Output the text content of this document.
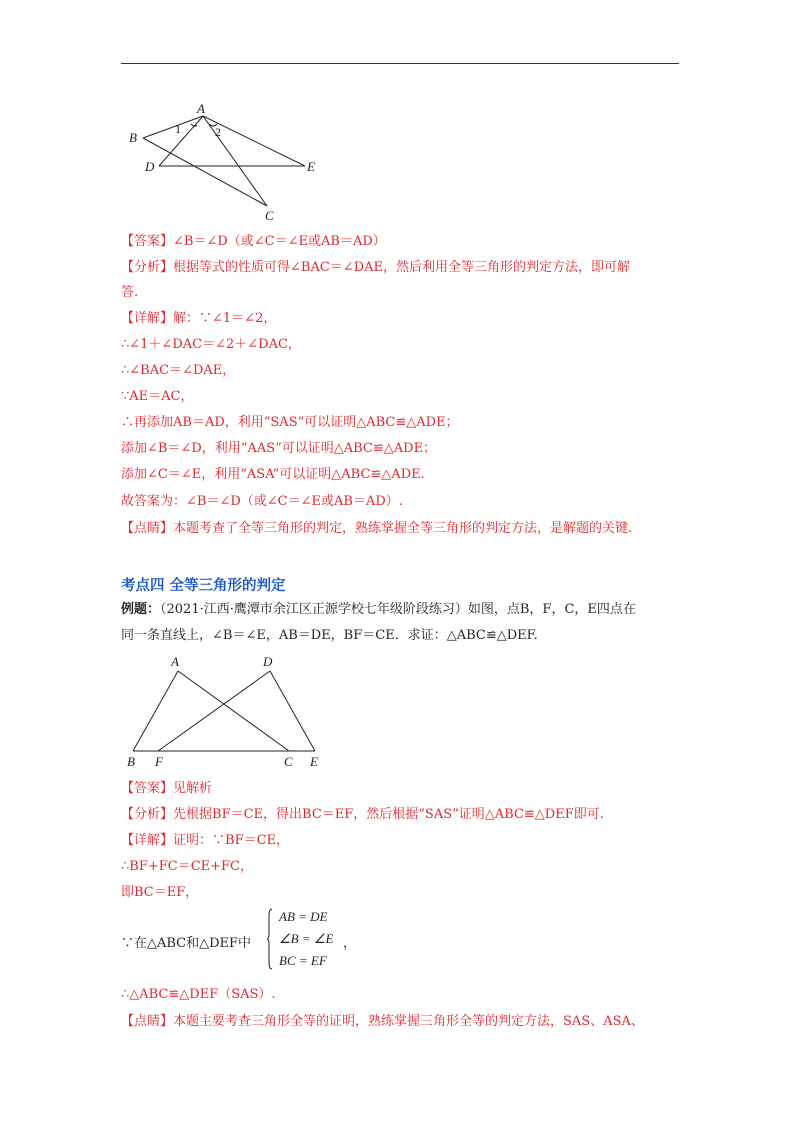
A
B
D	E
C
1	2
【答案】∠B＝∠D（或∠C＝∠E或AB＝AD）
【分析】根据等式的性质可得∠BAC＝∠DAE，然后利用全等三角形的判定方法，即可解
答.
【详解】解：∵∠1＝∠2，
∴∠1＋∠DAC＝∠2＋∠DAC，
∴∠BAC＝∠DAE，
∵AE＝AC，
∴再添加AB＝AD，利用“SAS”可以证明△ABC≌△ADE；
添加∠B＝∠D，利用“AAS”可以证明△ABC≌△ADE；
添加∠C＝∠E，利用“ASA”可以证明△ABC≌△ADE.
故答案为：∠B＝∠D（或∠C＝∠E或AB＝AD）.
【点睛】本题考查了全等三角形的判定，熟练掌握全等三角形的判定方法，是解题的关键.
考点四 全等三角形的判定
例题：（2021·江西·鹰潭市余江区正源学校七年级阶段练习）如图，点B，F，C，E四点在
同一条直线上，∠B＝∠E，AB＝DE，BF＝CE．求证：△ABC≌△DEF.
A	D
B F	C E
【答案】见解析
【分析】先根据BF＝CE，得出BC＝EF，然后根据“SAS”证明△ABC≌△DEF即可.
【详解】证明：∵BF＝CE，
∴BF+FC＝CE+FC，
即BC＝EF，
∵在△ABC和△DEF中
AB = DE
∠B = ∠E
BC = EF
，
∴△ABC≌△DEF（SAS）.
【点睛】本题主要考查三角形全等的证明，熟练掌握三角形全等的判定方法，SAS、ASA、
